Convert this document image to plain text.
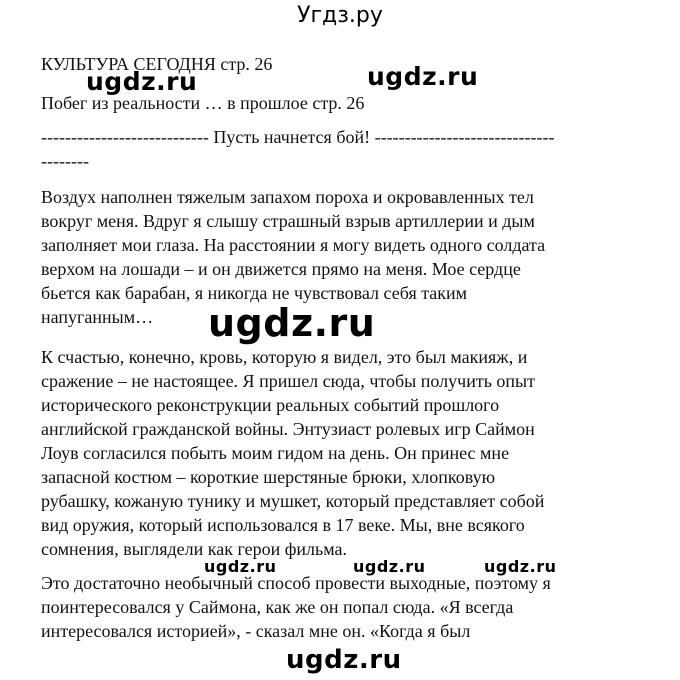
Угдз.ру
КУЛЬТУРА СЕГОДНЯ стр. 26
Побег из реальности … в прошлое стр. 26
---------------------------- Пусть начнется бой! ------------------------------
--------
Воздух наполнен тяжелым запахом пороха и окровавленных тел
вокруг меня. Вдруг я слышу страшный взрыв артиллерии и дым
заполняет мои глаза. На расстоянии я могу видеть одного солдата
верхом на лошади – и он движется прямо на меня. Мое сердце
бьется как барабан, я никогда не чувствовал себя таким
напуганным…
К счастью, конечно, кровь, которую я видел, это был макияж, и
сражение – не настоящее. Я пришел сюда, чтобы получить опыт
исторического реконструкции реальных событий прошлого
английской гражданской войны. Энтузиаст ролевых игр Саймон
Лоув согласился побыть моим гидом на день. Он принес мне
запасной костюм – короткие шерстяные брюки, хлопковую
рубашку, кожаную тунику и мушкет, который представляет собой
вид оружия, который использовался в 17 веке. Мы, вне всякого
сомнения, выглядели как герои фильма.
Это достаточно необычный способ провести выходные, поэтому я
поинтересовался у Саймона, как же он попал сюда. «Я всегда
интересовался историей», - сказал мне он. «Когда я был
ugdz.ru	ugdz.ru
ugdz.ru
ugdz.ru	ugdz.ru	ugdz.ru
ugdz.ru
